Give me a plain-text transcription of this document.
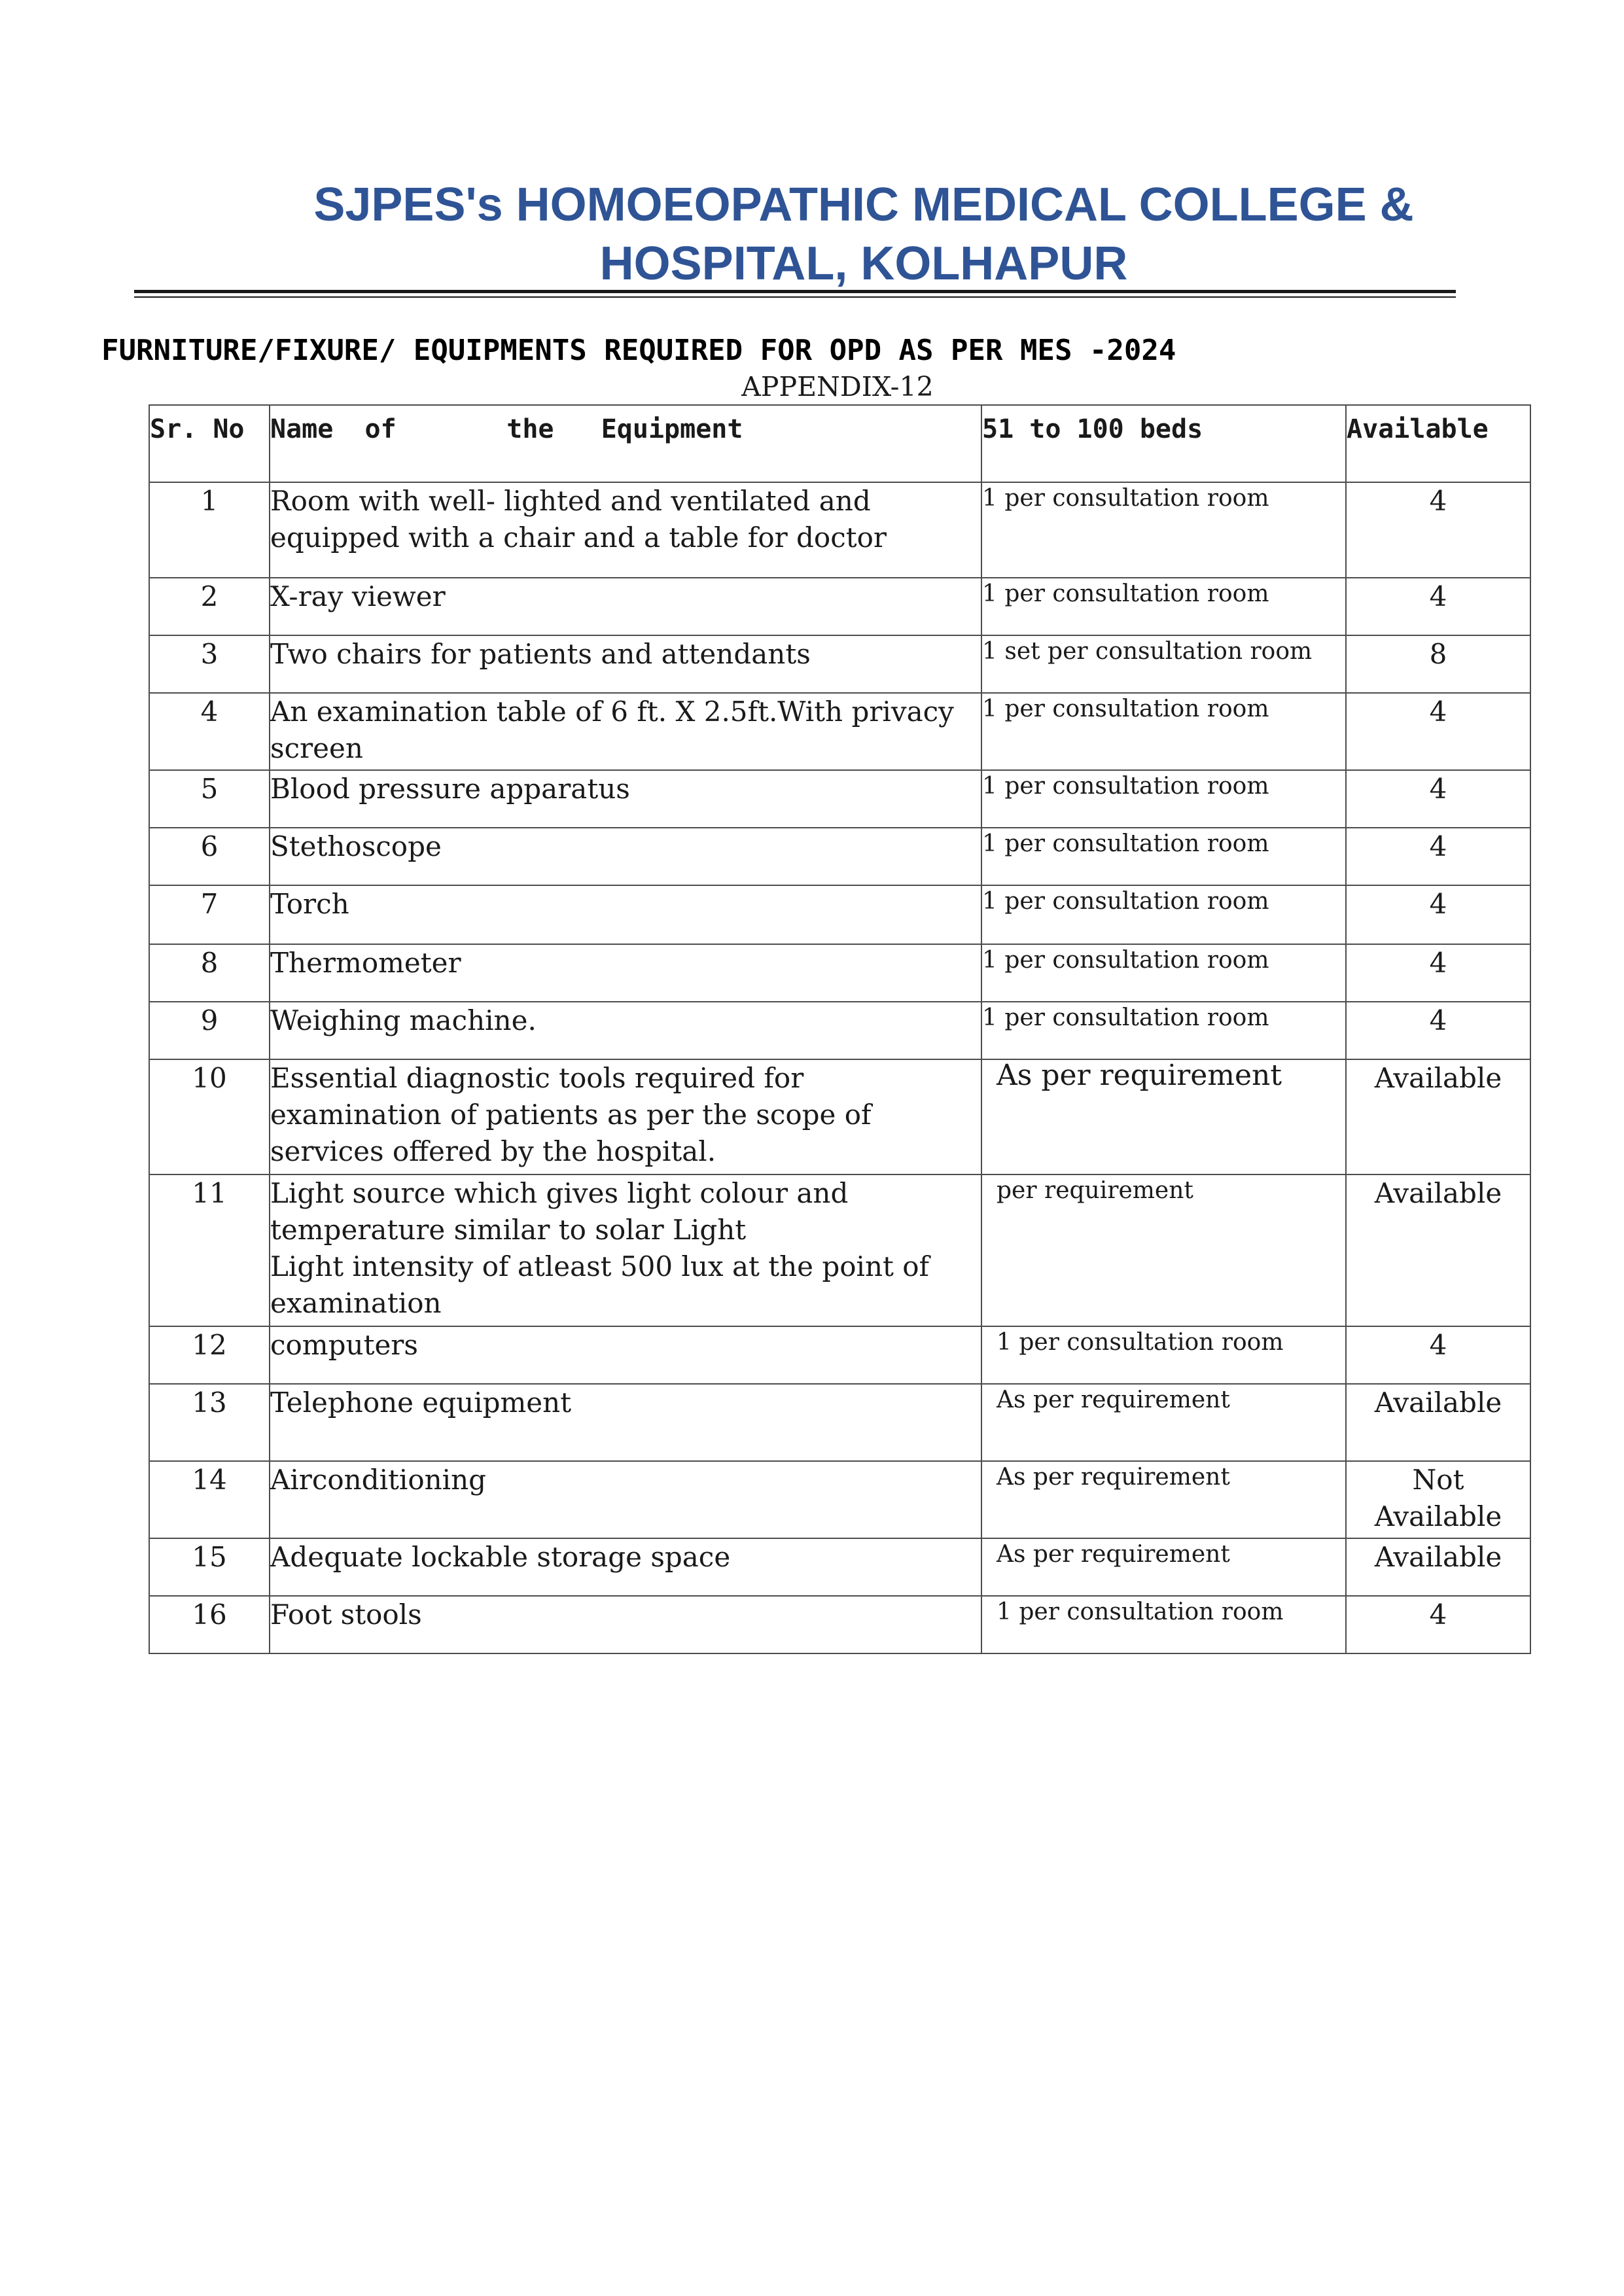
SJPES's HOMOEOPATHIC MEDICAL COLLEGE & HOSPITAL, KOLHAPUR
FURNITURE/FIXURE/ EQUIPMENTS REQUIRED FOR OPD AS PER MES -2024
APPENDIX-12
Sr. No	Name  of       the   Equipment	51 to 100 beds	Available
1	Room with well- lighted and ventilated and equipped with a chair and a table for doctor	1 per consultation room	4
2	X-ray viewer	1 per consultation room	4
3	Two chairs for patients and attendants	1 set per consultation room	8
4	An examination table of 6 ft. X 2.5ft.With privacy screen	1 per consultation room	4
5	Blood pressure apparatus	1 per consultation room	4
6	Stethoscope	1 per consultation room	4
7	Torch	1 per consultation room	4
8	Thermometer	1 per consultation room	4
9	Weighing machine.	1 per consultation room	4
10	Essential diagnostic tools required for examination of patients as per the scope of services offered by the hospital.	As per requirement	Available
11	Light source which gives light colour and temperature similar to solar Light
Light intensity of atleast 500 lux at the point of examination	per requirement	Available
12	computers	1 per consultation room	4
13	Telephone equipment	As per requirement	Available
14	Airconditioning	As per requirement	Not Available
15	Adequate lockable storage space	As per requirement	Available
16	Foot stools	1 per consultation room	4
